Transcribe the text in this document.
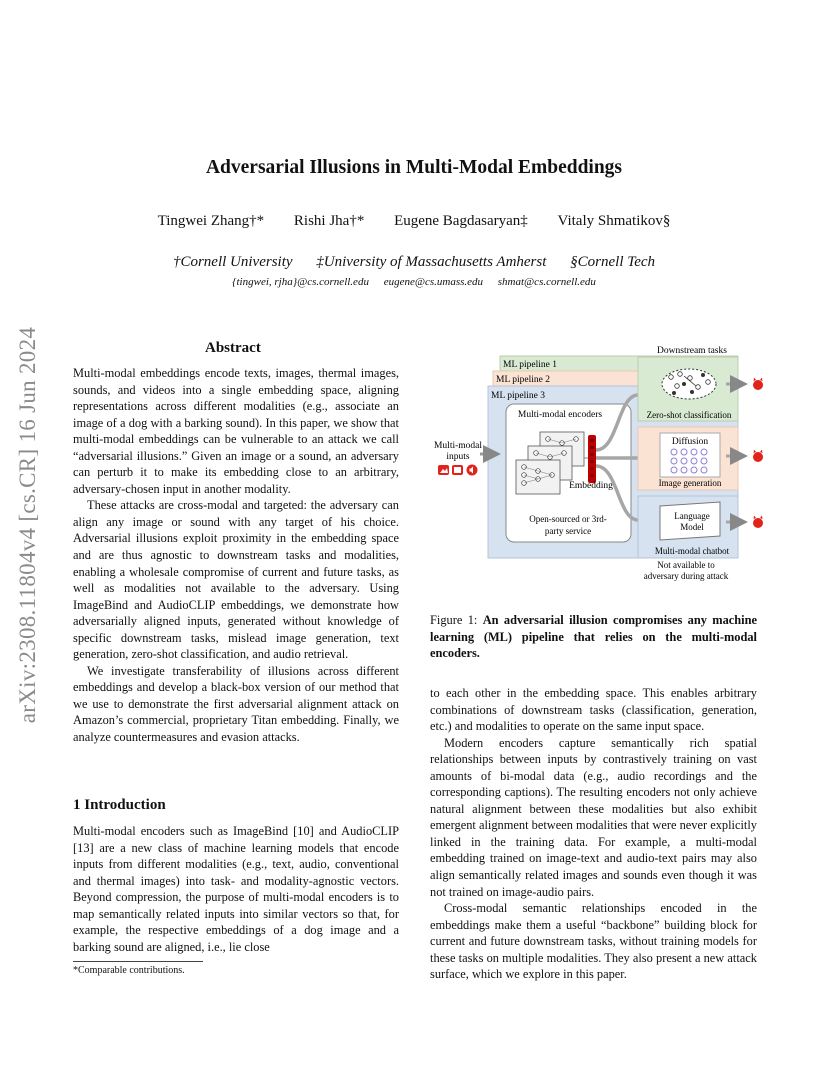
arXiv:2308.11804v4 [cs.CR] 16 Jun 2024
Adversarial Illusions in Multi-Modal Embeddings
Tingwei Zhang†* Rishi Jha†* Eugene Bagdasaryan‡ Vitaly Shmatikov§
†Cornell University ‡University of Massachusetts Amherst §Cornell Tech
{tingwei, rjha}@cs.cornell.edu eugene@cs.umass.edu shmat@cs.cornell.edu
Abstract

Multi-modal embeddings encode texts, images, thermal images, sounds, and videos into a single embedding space, aligning representations across different modalities (e.g., associate an image of a dog with a barking sound). In this paper, we show that multi-modal embeddings can be vulnerable to an attack we call “adversarial illusions.” Given an image or a sound, an adversary can perturb it to make its embedding close to an arbitrary, adversary-chosen input in another modality.

These attacks are cross-modal and targeted: the adversary can align any image or sound with any target of his choice. Adversarial illusions exploit proximity in the embedding space and are thus agnostic to downstream tasks and modalities, enabling a wholesale compromise of current and future tasks, as well as modalities not available to the adversary. Using ImageBind and AudioCLIP embeddings, we demonstrate how adversarially aligned inputs, generated without knowledge of specific downstream tasks, mislead image generation, text generation, zero-shot classification, and audio retrieval.

We investigate transferability of illusions across different embeddings and develop a black-box version of our method that we use to demonstrate the first adversarial alignment attack on Amazon’s commercial, proprietary Titan embedding. Finally, we analyze countermeasures and evasion attacks.

1 Introduction

Multi-modal encoders such as ImageBind [10] and AudioCLIP [13] are a new class of machine learning models that encode inputs from different modalities (e.g., text, audio, conventional and thermal images) into task- and modality-agnostic vectors. Beyond compression, the purpose of multi-modal encoders is to map semantically related inputs into similar vectors so that, for example, the respective embeddings of a dog image and a barking sound are aligned, i.e., lie close

*Comparable contributions.
ML pipeline 1
ML pipeline 2
ML pipeline 3
Downstream tasks
Multi-modal encoders
Embedding
Open-sourced or 3rd-
party service
Multi-modal
inputs
Zero-shot classification
Diffusion
Image generation
Language
Model
Multi-modal chatbot
Not available to
adversary during attack
Figure 1: An adversarial illusion compromises any machine learning (ML) pipeline that relies on the multi-modal encoders.

to each other in the embedding space. This enables arbitrary combinations of downstream tasks (classification, generation, etc.) and modalities to operate on the same input space.

Modern encoders capture semantically rich spatial relationships between inputs by contrastively training on vast amounts of bi-modal data (e.g., audio recordings and the corresponding captions). The resulting encoders not only achieve natural alignment between these modalities but also exhibit emergent alignment between modalities that were never explicitly linked in the training data. For example, a multi-modal embedding trained on image-text and audio-text pairs may also align semantically related images and sounds even though it was not trained on image-audio pairs.

Cross-modal semantic relationships encoded in the embeddings make them a useful “backbone” building block for current and future downstream tasks, without training models for these tasks on multiple modalities. They also present a new attack surface, which we explore in this paper.
